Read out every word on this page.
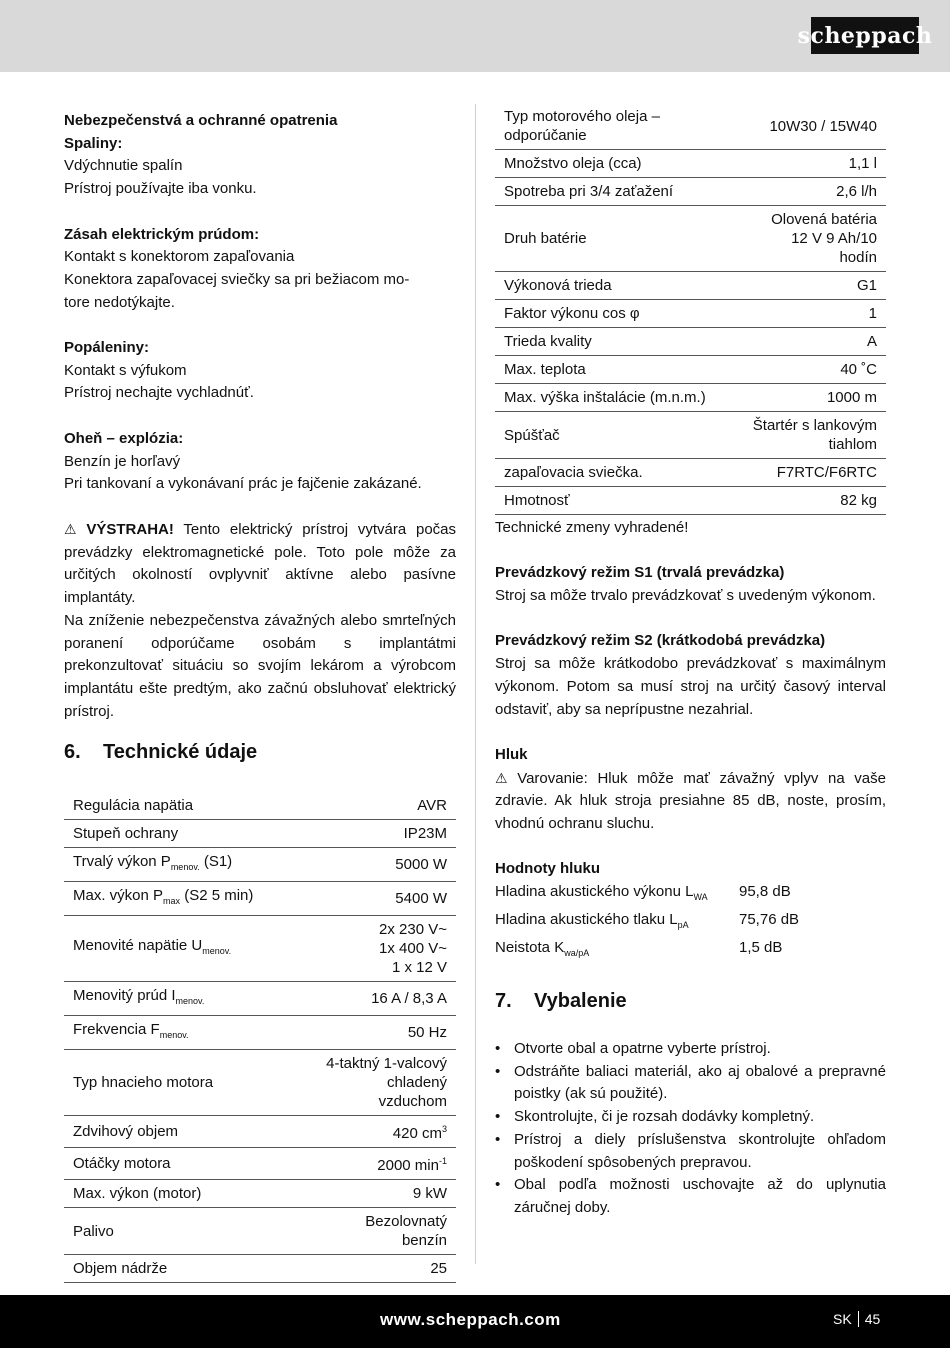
scheppach

Nebezpečenstvá a ochranné opatrenia

Spaliny:

Vdýchnutie spalín

Prístroj používajte iba vonku.

Zásah elektrickým prúdom:

Kontakt s konektorom zapaľovania

Konektora zapaľovacej sviečky sa pri bežiacom mo-

tore nedotýkajte.

Popáleniny:

Kontakt s výfukom

Prístroj nechajte vychladnúť.

Oheň – explózia:

Benzín je horľavý

Pri tankovaní a vykonávaní prác je fajčenie zakázané.

⚠ VÝSTRAHA! Tento elektrický prístroj vytvára počas prevádzky elektromagnetické pole. Toto pole môže za určitých okolností ovplyvniť aktívne alebo pasívne implantáty.

Na zníženie nebezpečenstva závažných alebo smrteľných poranení odporúčame osobám s implantátmi prekonzultovať situáciu so svojím lekárom a výrobcom implantátu ešte predtým, ako začnú obsluhovať elektrický prístroj.

6. Technické údaje
Regulácia napätia	AVR
Stupeň ochrany	IP23M
Trvalý výkon $P_{menov.}$ (S1)	5000 W
Max. výkon $P_{max}$ (S2 5 min)	5400 W
Menovité napätie $U_{menov.}$	2x 230 V~
1x 400 V~
1 x 12 V
Menovitý prúd $I_{menov.}$	16 A / 8,3 A
Frekvencia $F_{menov.}$	50 Hz
Typ hnacieho motora	4-taktný 1-valcový
chladený
vzduchom
Zdvihový objem	420 $cm^3$
Otáčky motora	2000 $\min^{-1}$
Max. výkon (motor)	9 kW
Palivo	Bezolovnatý
benzín
Objem nádrže	25
Typ motorového oleja –
odporúčanie	10W30 / 15W40
Množstvo oleja (cca)	1,1 l
Spotreba pri 3/4 zaťažení	2,6 l/h
Druh batérie	Olovená batéria
12 V 9 Ah/10 hodín
Výkonová trieda	G1
Faktor výkonu cos φ	1
Trieda kvality	A
Max. teplota	40 ˚C
Max. výška inštalácie (m.n.m.)	1000 m
Spúšťač	Štartér s lankovým
tiahlom
zapaľovacia sviečka.	F7RTC/F6RTC
Hmotnosť	82 kg

Technické zmeny vyhradené!

Prevádzkový režim S1 (trvalá prevádzka)

Stroj sa môže trvalo prevádzkovať s uvedeným výkonom.

Prevádzkový režim S2 (krátkodobá prevádzka)

Stroj sa môže krátkodobo prevádzkovať s maximálnym výkonom. Potom sa musí stroj na určitý časový interval odstaviť, aby sa neprípustne nezahrial.

Hluk

⚠ Varovanie: Hluk môže mať závažný vplyv na vaše zdravie. Ak hluk stroja presiahne 85 dB, noste, prosím, vhodnú ochranu sluchu.

Hodnoty hluku

Hladina akustického výkonu $L_{WA}$	95,8 dB
Hladina akustického tlaku $L_{pA}$	75,76 dB
Neistota $K_{wa/pA}$	1,5 dB
7. Vybalenie
• Otvorte obal a opatrne vyberte prístroj.
• Odstráňte baliaci materiál, ako aj obalové a prepravné poistky (ak sú použité).
• Skontrolujte, či je rozsah dodávky kompletný.
• Prístroj a diely príslušenstva skontrolujte ohľadom poškodení spôsobených prepravou.
• Obal podľa možnosti uschovajte až do uplynutia záručnej doby.
www.scheppach.com	SK 45
